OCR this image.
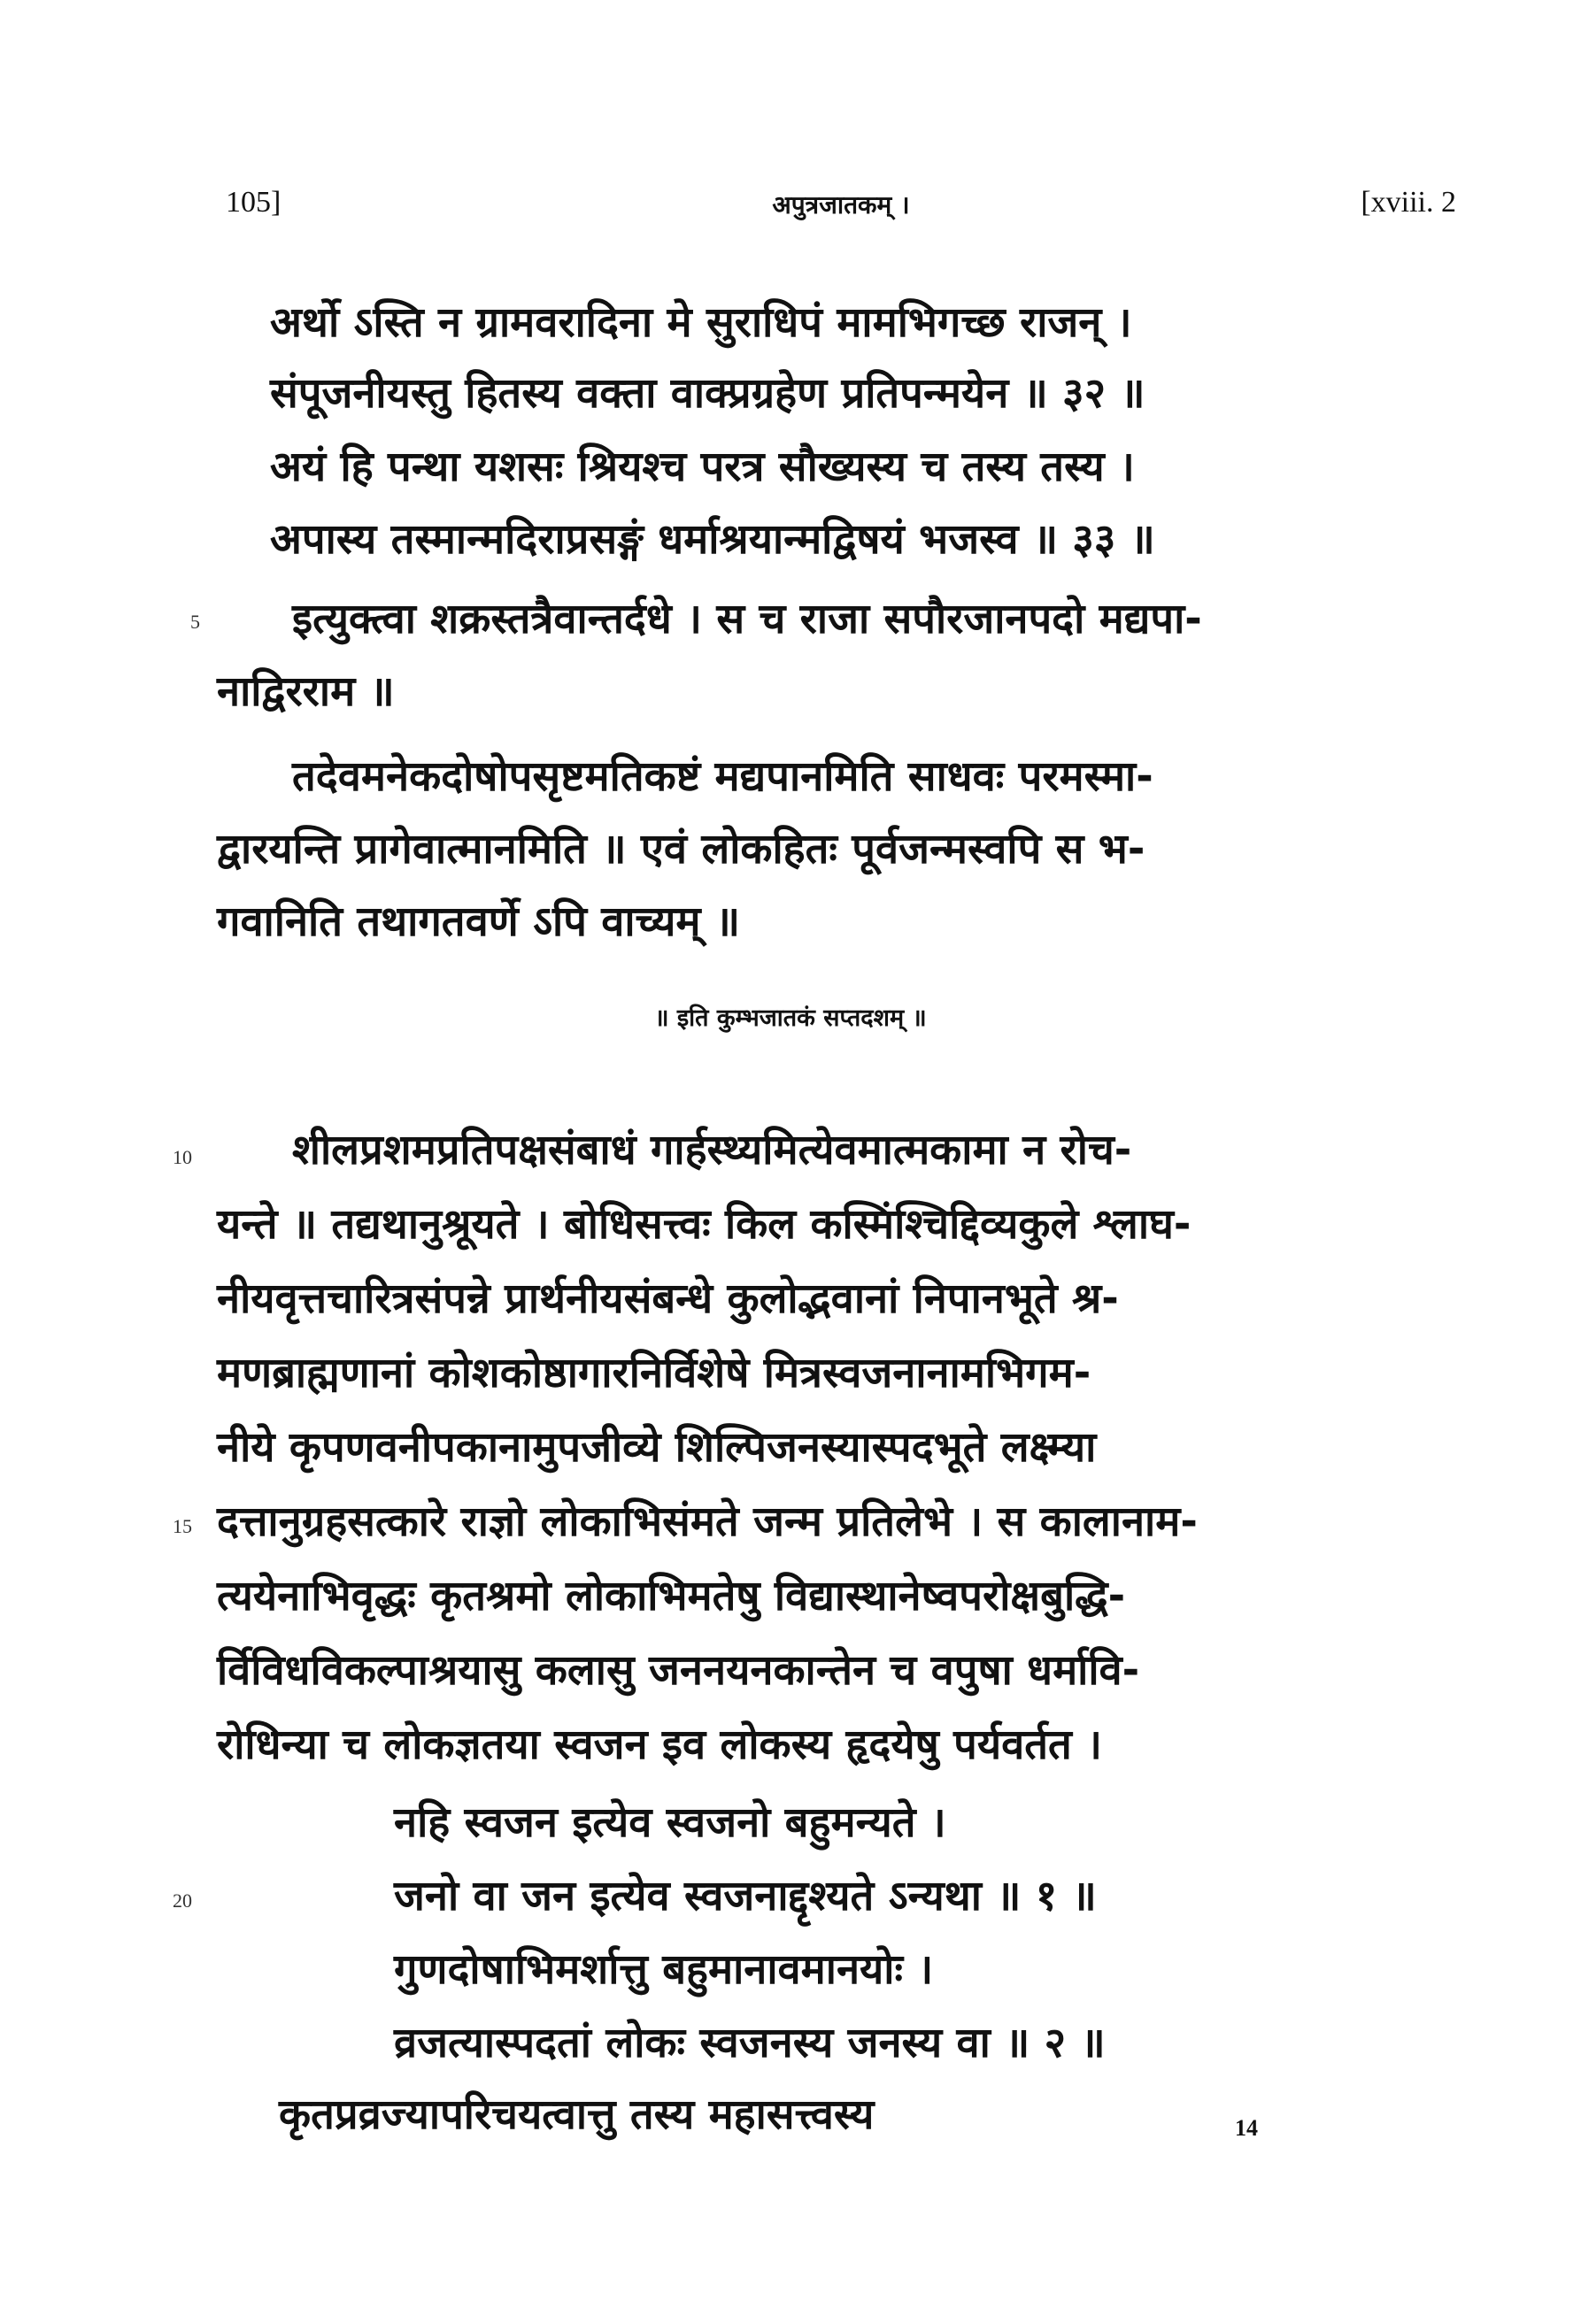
105]	अपुत्रजातकम् ।	[xviii. 2
अर्थो ऽस्ति न ग्रामवरादिना मे सुराधिपं मामभिगच्छ राजन् ।
संपूजनीयस्तु हितस्य वक्ता वाक्प्रग्रहेण प्रतिपन्मयेन ॥ ३२ ॥
अयं हि पन्था यशसः श्रियश्च परत्र सौख्यस्य च तस्य तस्य ।
अपास्य तस्मान्मदिराप्रसङ्गं धर्माश्रयान्मद्विषयं भजस्व ॥ ३३ ॥
5 इत्युक्त्वा शक्रस्तत्रैवान्तर्दधे । स च राजा सपौरजानपदो मद्यपा-
नाद्विरराम ॥
तदेवमनेकदोषोपसृष्टमतिकष्टं मद्यपानमिति साधवः परमस्मा-
द्वारयन्ति प्रागेवात्मानमिति ॥ एवं लोकहितः पूर्वजन्मस्वपि स भ-
गवानिति तथागतवर्णे ऽपि वाच्यम् ॥
॥ इति कुम्भजातकं सप्तदशम् ॥
10 शीलप्रशमप्रतिपक्षसंबाधं गार्हस्थ्यमित्येवमात्मकामा न रोच-
यन्ते ॥ तद्यथानुश्रूयते । बोधिसत्त्वः किल कस्मिंश्चिद्दिव्यकुले श्लाघ-
नीयवृत्तचारित्रसंपन्ने प्रार्थनीयसंबन्धे कुलोद्भवानां निपानभूते श्र-
मणब्राह्मणानां कोशकोष्ठागारनिर्विशेषे मित्रस्वजनानामभिगम-
नीये कृपणवनीपकानामुपजीव्ये शिल्पिजनस्यास्पदभूते लक्ष्म्या
15 दत्तानुग्रहसत्कारे राज्ञो लोकाभिसंमते जन्म प्रतिलेभे । स कालानाम-
त्ययेनाभिवृद्धः कृतश्रमो लोकाभिमतेषु विद्यास्थानेष्वपरोक्षबुद्धि-
र्विविधविकल्पाश्रयासु कलासु जननयनकान्तेन च वपुषा धर्मावि-
रोधिन्या च लोकज्ञतया स्वजन इव लोकस्य हृदयेषु पर्यवर्तत ।
नहि स्वजन इत्येव स्वजनो बहुमन्यते ।
20	जनो वा जन इत्येव स्वजनाद्दृश्यते ऽन्यथा ॥ १ ॥
गुणदोषाभिमर्शात्तु बहुमानावमानयोः ।
व्रजत्यास्पदतां लोकः स्वजनस्य जनस्य वा ॥ २ ॥
कृतप्रव्रज्यापरिचयत्वात्तु तस्य महासत्त्वस्य	14
